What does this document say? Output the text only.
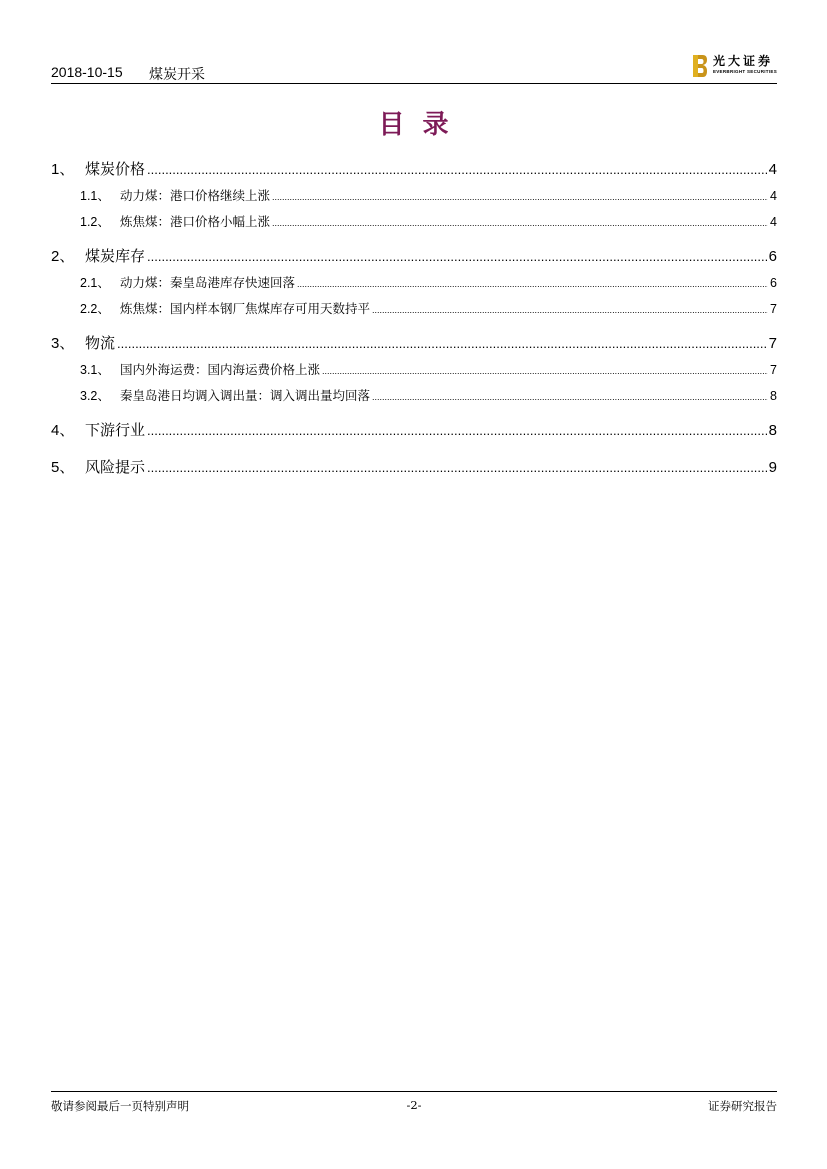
2018-10-15 煤炭开采
光大证券
EVERBRIGHT SECURITIES
目录
1、 煤炭价格 .....	4
1.1、 动力煤：港口价格继续上涨 .....	4
1.2、 炼焦煤：港口价格小幅上涨 .....	4
2、 煤炭库存 .....	6
2.1、 动力煤：秦皇岛港库存快速回落 .....	6
2.2、 炼焦煤：国内样本钢厂焦煤库存可用天数持平 .....	7
3、 物流 .....	7
3.1、 国内外海运费：国内海运费价格上涨 .....	7
3.2、 秦皇岛港日均调入调出量：调入调出量均回落 .....	8
4、 下游行业 .....	8
5、 风险提示 .....	9
敬请参阅最后一页特别声明	-2-	证券研究报告
